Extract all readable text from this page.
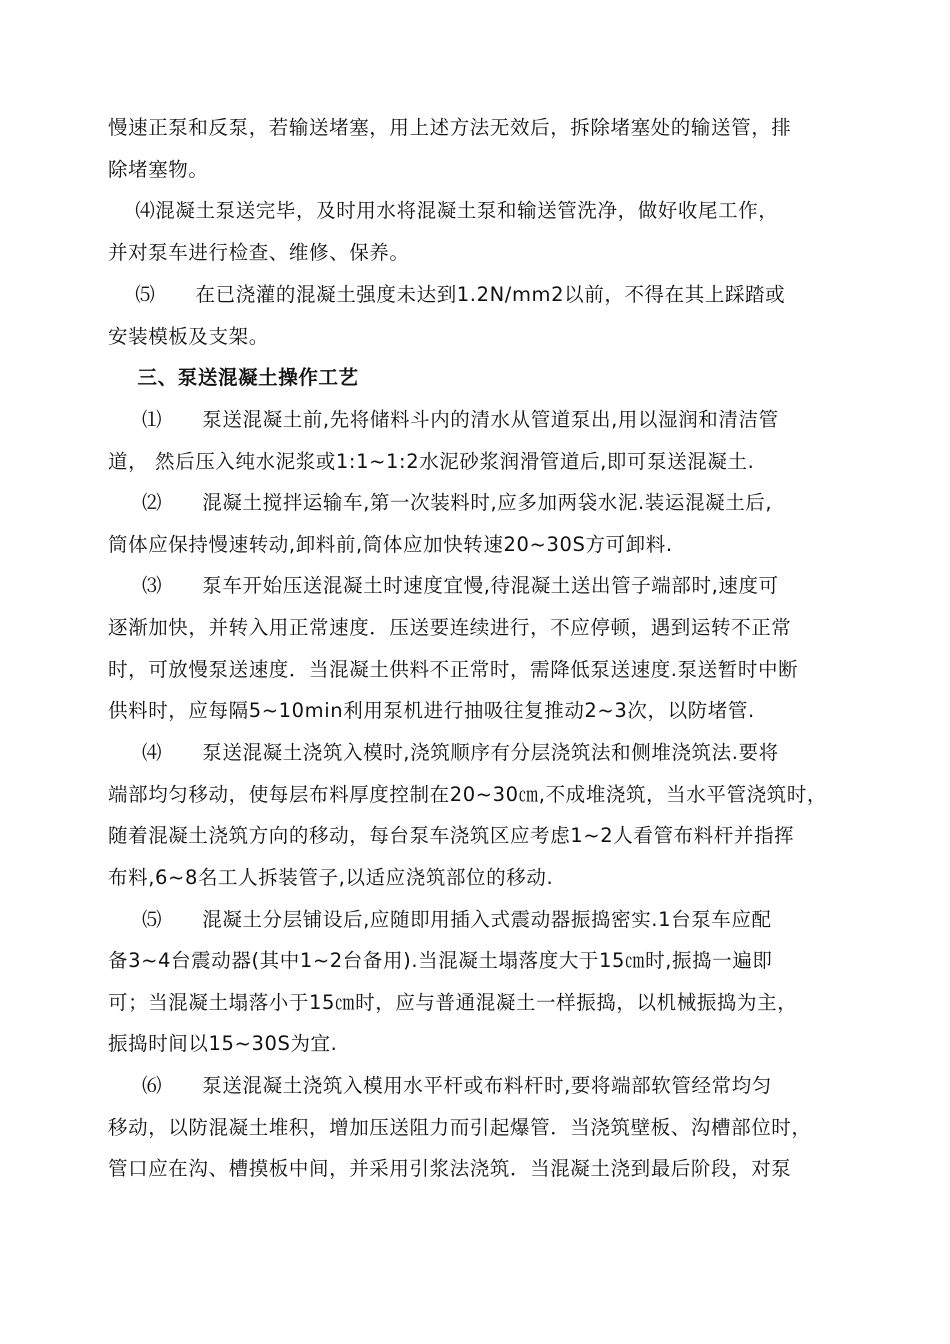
慢速正泵和反泵，若输送堵塞，用上述方法无效后，拆除堵塞处的输送管，排
除堵塞物。
⑷混凝土泵送完毕，及时用水将混凝土泵和输送管洗净，做好收尾工作，
并对泵车进行检查、维修、保养。
⑸　　在已浇灌的混凝土强度未达到1.2N/mm2以前，不得在其上踩踏或
安装模板及支架。
三、泵送混凝土操作工艺
⑴　　泵送混凝土前,先将储料斗内的清水从管道泵出,用以湿润和清洁管
道， 然后压入纯水泥浆或1:1~1:2水泥砂浆润滑管道后,即可泵送混凝土.
⑵　　混凝土搅拌运输车,第一次装料时,应多加两袋水泥.装运混凝土后,
筒体应保持慢速转动,卸料前,筒体应加快转速20~30S方可卸料.
⑶　　泵车开始压送混凝土时速度宜慢,待混凝土送出管子端部时,速度可
逐渐加快，并转入用正常速度．压送要连续进行，不应停顿，遇到运转不正常
时，可放慢泵送速度．当混凝土供料不正常时，需降低泵送速度.泵送暂时中断
供料时，应每隔5~10min利用泵机进行抽吸往复推动2~3次，以防堵管.
⑷　　泵送混凝土浇筑入模时,浇筑顺序有分层浇筑法和侧堆浇筑法.要将
端部均匀移动，使每层布料厚度控制在20~30㎝,不成堆浇筑，当水平管浇筑时，
随着混凝土浇筑方向的移动，每台泵车浇筑区应考虑1~2人看管布料杆并指挥
布料,6~8名工人拆装管子,以适应浇筑部位的移动.
⑸　　混凝土分层铺设后,应随即用插入式震动器振捣密实.1台泵车应配
备3~4台震动器(其中1~2台备用).当混凝土塌落度大于15㎝时,振捣一遍即
可；当混凝土塌落小于15㎝时，应与普通混凝土一样振捣，以机械振捣为主，
振捣时间以15~30S为宜.
⑹　　泵送混凝土浇筑入模用水平杆或布料杆时,要将端部软管经常均匀
移动，以防混凝土堆积，增加压送阻力而引起爆管．当浇筑壁板、沟槽部位时，
管口应在沟、槽摸板中间，并采用引浆法浇筑．当混凝土浇到最后阶段，对泵
